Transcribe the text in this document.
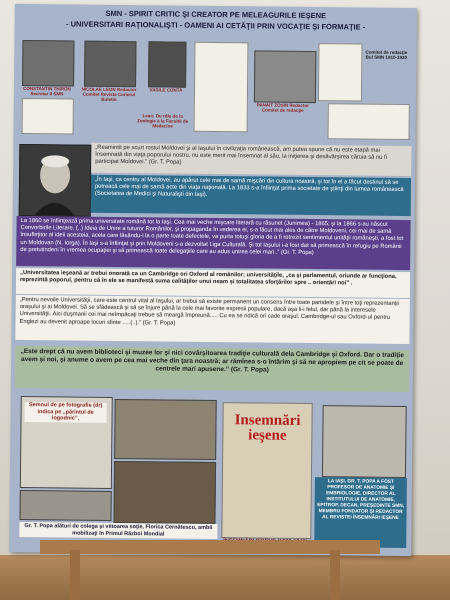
SMN - SPIRIT CRITIC ŞI CREATOR PE MELEAGURILE IEŞENE
- UNIVERSITARI RAŢIONALIŞTI - OAMENI AI CETĂŢII PRIN VOCAŢIE ŞI FORMAŢIE -
CONSTANTIN THIRON Secretar II SMN
NICOLAE LEON Redactor Comitet Revista Curierul Buletin
VASILE CONTA
PANAIT ZOSIN Redactor Comitet de redacţie
Comitet de redacţie Bul SMN 1910-1920
Lean: Du rôle de la Zoologie à la Faculté de Médecine
„Reamintit pe scurt rostul Moldovei şi al Iaşului în civilizaţia românească, am putea spune că nu este etapă mai însemnată din viaţa poporului nostru, nu este merit mai însemnat al său, la iniţierea şi desăvârşirea căruia să nu fi participat Moldovei.” (Gr. T. Popa)
„În Iaşi, ca centru al Moldovei, au apărut cele mai de samă mişcări din cultura noastră, şi tot în el a făcut destinul să se petreacă cele mai de samă acte din viaţa naţională. La 1833 s-a înfiinţat prima societate de ştiinţi din lumea românească (Societatea de Medici şi Naturalişti din Iaşi).
La 1860 se înfiinţează prima universitate română tot la Iaşi. Cea mai veche mişcare literară cu răsunet (Junimea) - 1865; şi la 1866 s-au născut Convorbirile Literare. (..) Ideia de Unire a tuturor Românilor, şi propaganda în vederea ei, s-a făcut mai ales de către Moldoveni, cei mai de samă însufleţitor al ideii acesteia, acela care lăsându-i la o parte toate defectele, va purta totuşi gloria de a fi retrezit sentimentul unităţii româneşti, a fost tot un Moldovan (N. Iorga). În Iaşi s-a înfiinţat şi prin Moldoveni s-a dezvoltat Liga Culturală. Şi tot Iaşului i-a fost dat să primească în refugiu pe Românii de pretutindeni în vremea ocupaţiei şi să primească toate delegaţiile care au adus unirea celei mari..” (Gr. T. Popa)
„Universitatea ieşeană ar trebui onorată ca un Cambridge ori Oxford al românilor; universităţile, „ca şi parlamentul, oriunde ar funcţiona, reprezintă poporul, pentru că în ele se manifestă suma calităţilor unui neam şi totalitatea sforţărilor spre .. orientări noi” .
„Pentru nevoile Universităţii, care este centrul vital al Iaşului, ar trebui să existe permanent un consens între toate partidele şi între toţi reprezentanţii oraşului şi ai Moldovei. Să se sfădească şi să se înjure până la cele mai favorite expresii populare, dacă aşa li-i felul, dar până la interesele Universităţii. Aici duşmanii cei mai neîmpăcaţi trebue să meargă împreună..... Cu ea se ridică ori cade oraşul. Cambridge-ul sau Oxford-ul pentru Englezi au devenit aproape locuri sfinte .....(..).” (Gr. T. Popa)
„Este drept că nu avem biblioteci şi muzee lor şi nici covârşitoarea tradiţie culturală dela Cambridge şi Oxford. Dar o tradiţie avem şi noi, şi anume o avem pe cea mai veche din ţara noastră; ar rămînea s-o întărim şi să ne apropiem pe cit se poate de centrele mari apusene.” (Gr. T. Popa)
Semnul de pe fotografie (dr) indica pe „părintul de logodnic”.
Gr. T. Popa alături de colega şi viitoarea soţie, Florica Cernătescu, ambii mobilizaţi în Primul Război Mondial
Insemnări ieşene
LA IAŞI, GR. T. POPA A FOST PROFESOR DE ANATOMIE ŞI EMBRIOLOGIE, DIRECTOR AL INSTITUTULUI DE ANATOMIE, EPITROP, DECAN, PREŞEDINTE SMN, MEMBRU FONDATOR ŞI REDACTOR AL REVISTEI ÎNSEMNĂRI IEŞENE
